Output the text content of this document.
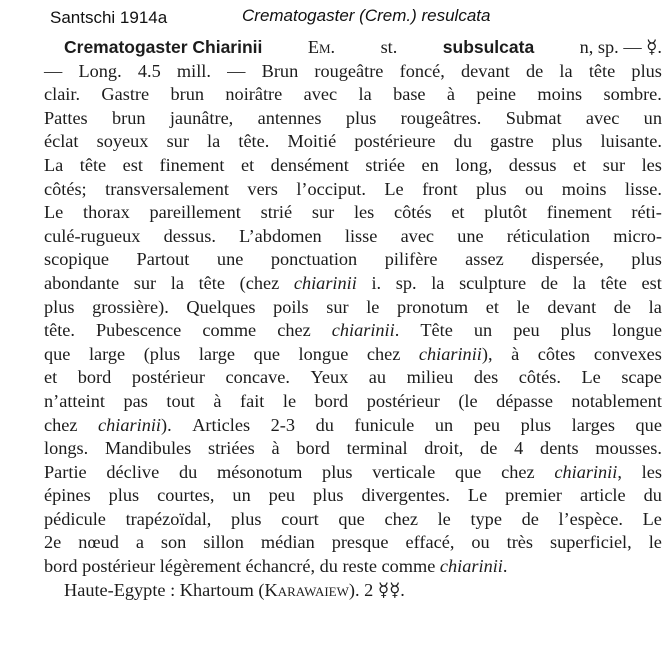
Santschi 1914a	Crematogaster (Crem.) resulcata
Crematogaster Chiarinii Em. st.	subsulcata n, sp. — ☿.
— Long. 4.5 mill. — Brun rougeâtre foncé, devant de la tête plus
clair. Gastre brun noirâtre avec la base à peine moins sombre.
Pattes brun jaunâtre, antennes plus rougeâtres. Submat avec un
éclat soyeux sur la tête. Moitié postérieure du gastre plus luisante.
La tête est finement et densément striée en long, dessus et sur les
côtés; transversalement vers l’occiput. Le front plus ou moins lisse.
Le thorax pareillement strié sur les côtés et plutôt finement réti-
culé-rugueux dessus. L’abdomen lisse avec une réticulation micro-
scopique Partout une ponctuation pilifère assez dispersée, plus
abondante sur la tête (chez chiarinii i. sp. la sculpture de la tête est
plus grossière). Quelques poils sur le pronotum et le devant de la
tête. Pubescence comme chez chiarinii. Tête un peu plus longue
que large (plus large que longue chez chiarinii), à côtes convexes
et bord postérieur concave. Yeux au milieu des côtés. Le scape
n’atteint pas tout à fait le bord postérieur (le dépasse notablement
chez chiarinii). Articles 2-3 du funicule un peu plus larges que
longs. Mandibules striées à bord terminal droit, de 4 dents mousses.
Partie déclive du mésonotum plus verticale que chez chiarinii, les
épines plus courtes, un peu plus divergentes. Le premier article du
pédicule trapézoïdal, plus court que chez le type de l’espèce. Le
2e nœud a son sillon médian presque effacé, ou très superficiel, le
bord postérieur légèrement échancré, du reste comme chiarinii.
Haute-Egypte : Khartoum (Karawaiew). 2 ☿☿.
